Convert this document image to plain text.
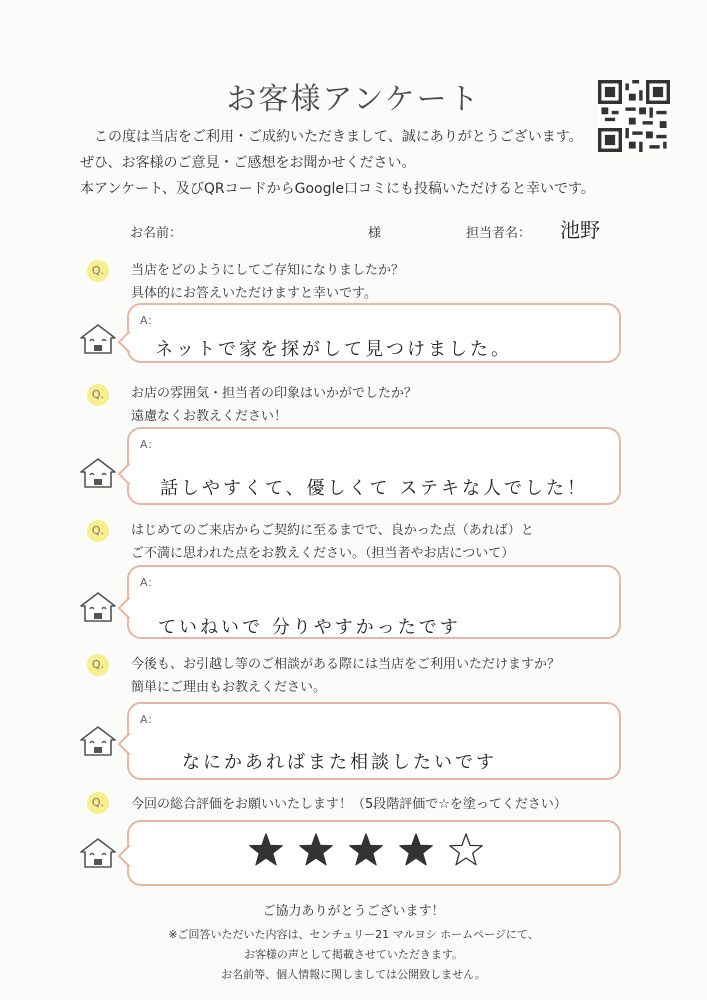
お客様アンケート
この度は当店をご利用・ご成約いただきまして、誠にありがとうございます。
ぜひ、お客様のご意見・ご感想をお聞かせください。
本アンケート、及びQRコードからGoogle口コミにも投稿いただけると幸いです。
お名前：	様	担当者名： 池野
Q.	当店をどのようにしてご存知になりましたか？
具体的にお答えいただけますと幸いです。
A：
ネットで家を探がして見つけました。
Q.	お店の雰囲気・担当者の印象はいかがでしたか？
遠慮なくお教えください！
A：
話しやすくて、優しくて ステキな人でした！
Q.	はじめてのご来店からご契約に至るまでで、良かった点（あれば）と
ご不満に思われた点をお教えください。（担当者やお店について）
A：
ていねいで 分りやすかったです
Q.	今後も、お引越し等のご相談がある際には当店をご利用いただけますか？
簡単にご理由もお教えください。
A：
なにかあればまた相談したいです
Q.	今回の総合評価をお願いいたします！（5段階評価で☆を塗ってください）
ご協力ありがとうございます！
※ご回答いただいた内容は、センチュリー21 マルヨシ ホームページにて、
お客様の声として掲載させていただきます。
お名前等、個人情報に関しましては公開致しません。
